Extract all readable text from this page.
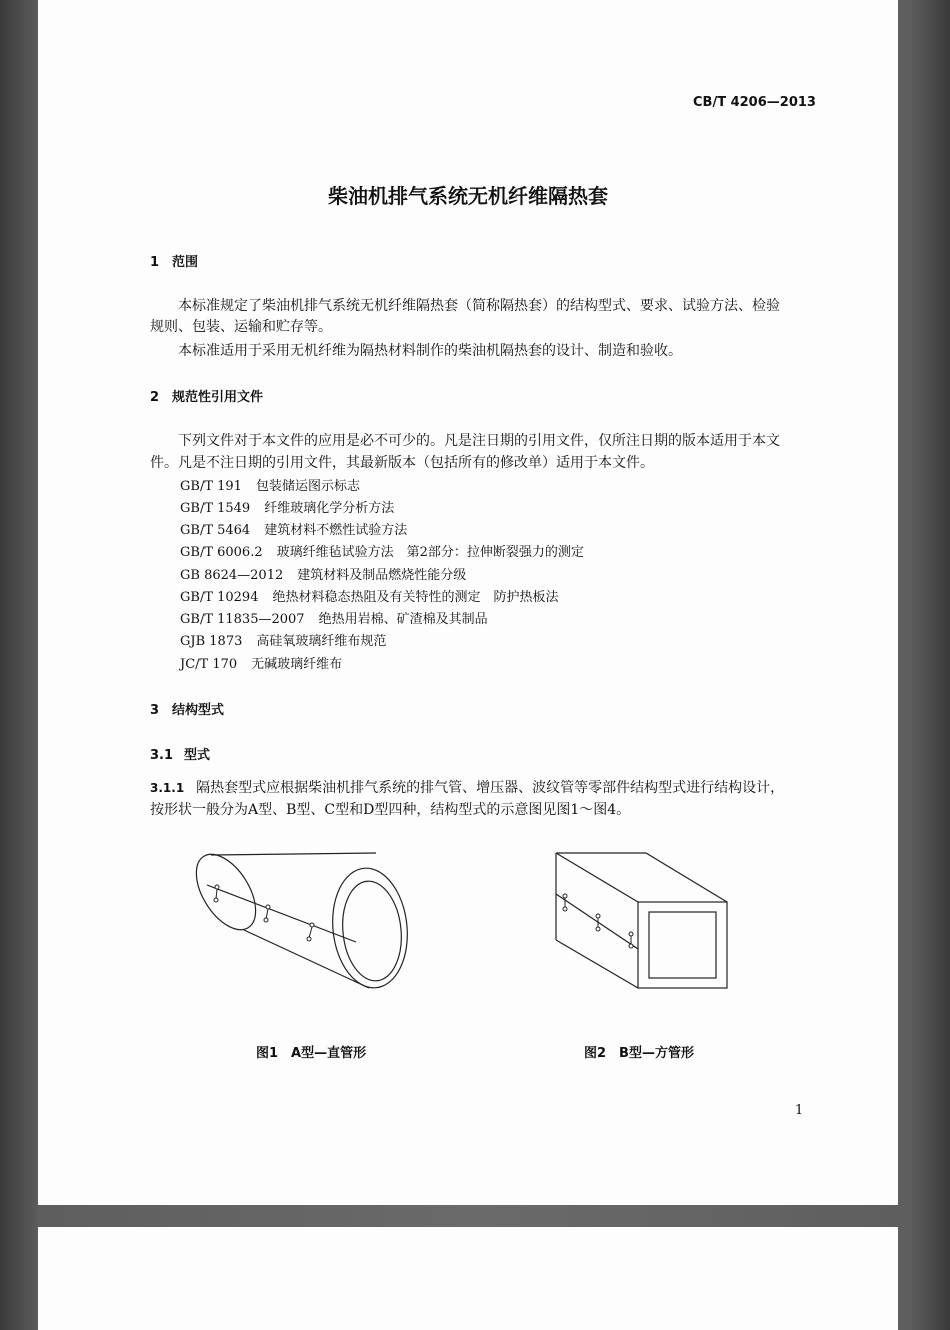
CB/T 4206—2013
柴油机排气系统无机纤维隔热套
1 范围
本标准规定了柴油机排气系统无机纤维隔热套（简称隔热套）的结构型式、要求、试验方法、检验
规则、包装、运输和贮存等。
本标准适用于采用无机纤维为隔热材料制作的柴油机隔热套的设计、制造和验收。
2 规范性引用文件
下列文件对于本文件的应用是必不可少的。凡是注日期的引用文件，仅所注日期的版本适用于本文
件。凡是不注日期的引用文件，其最新版本（包括所有的修改单）适用于本文件。
GB/T 191 包装储运图示标志
GB/T 1549 纤维玻璃化学分析方法
GB/T 5464 建筑材料不燃性试验方法
GB/T 6006.2 玻璃纤维毡试验方法　第2部分：拉伸断裂强力的测定
GB 8624—2012 建筑材料及制品燃烧性能分级
GB/T 10294 绝热材料稳态热阻及有关特性的测定　防护热板法
GB/T 11835—2007 绝热用岩棉、矿渣棉及其制品
GJB 1873 高硅氧玻璃纤维布规范
JC/T 170 无碱玻璃纤维布
3 结构型式
3.1 型式
3.1.1 隔热套型式应根据柴油机排气系统的排气管、增压器、波纹管等零部件结构型式进行结构设计，
按形状一般分为A型、B型、C型和D型四种，结构型式的示意图见图1～图4。
图1　A型—直管形	图2　B型—方管形
1
